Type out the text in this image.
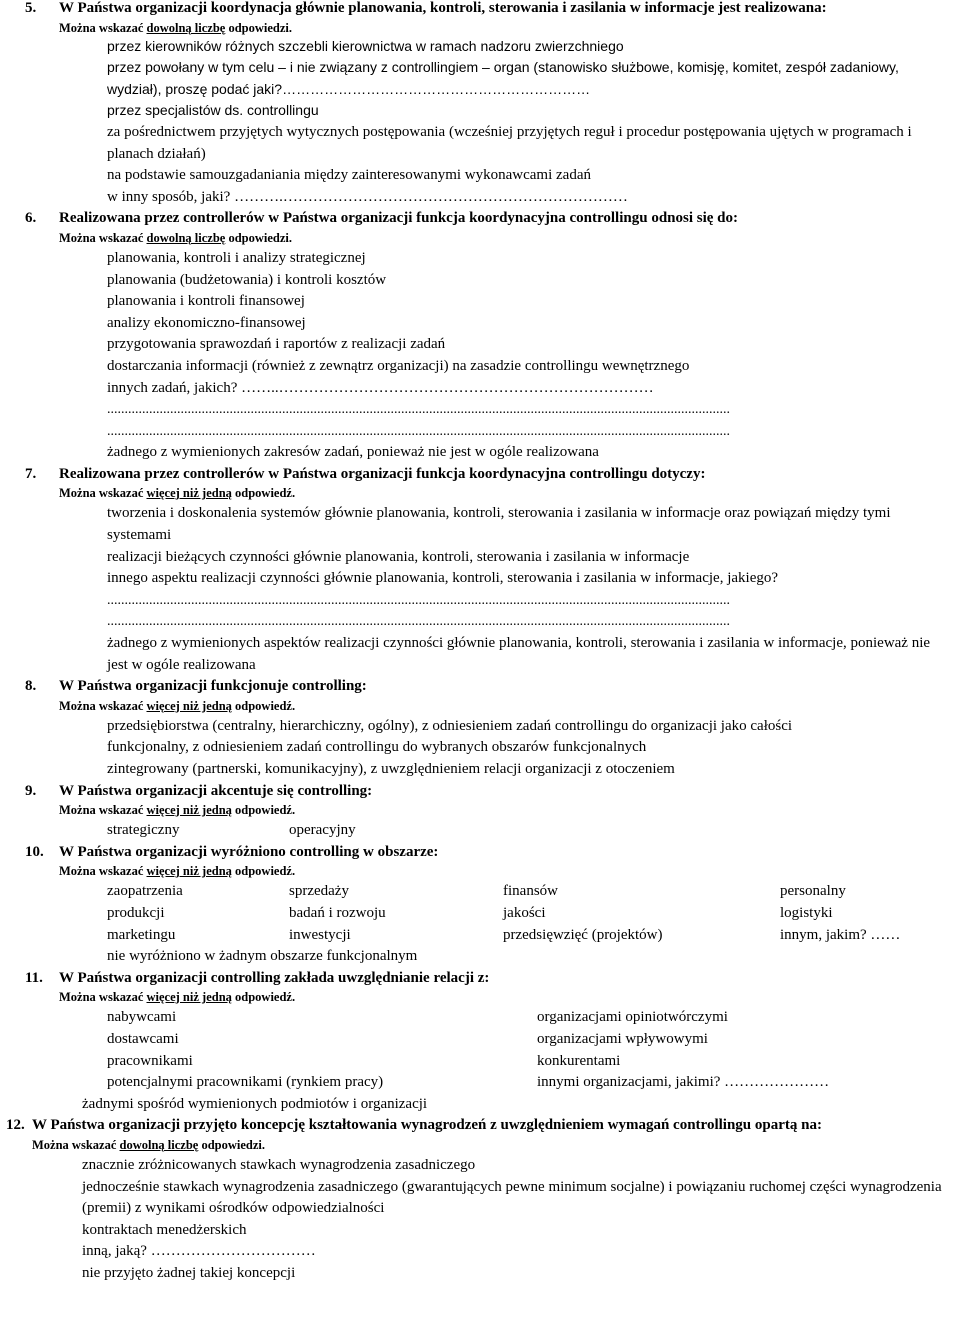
5. W Państwa organizacji koordynacja głównie planowania, kontroli, sterowania i zasilania w informacje jest realizowana:
Można wskazać dowolną liczbę odpowiedzi.
przez kierowników różnych szczebli kierownictwa w ramach nadzoru zwierzchniego
przez powołany w tym celu – i nie związany z controllingiem – organ (stanowisko służbowe, komisję, komitet, zespół zadaniowy, wydział), proszę podać jaki?…………………………………………………………
przez specjalistów ds. controllingu
za pośrednictwem przyjętych wytycznych postępowania (wcześniej przyjętych reguł i procedur postępowania ujętych w programach i planach działań)
na podstawie samouzgadaniania między zainteresowanymi wykonawcami zadań
w inny sposób, jaki? ……….……………………………………………………………
6. Realizowana przez controllerów w Państwa organizacji funkcja koordynacyjna controllingu odnosi się do:
Można wskazać dowolną liczbę odpowiedzi.
planowania, kontroli i analizy strategicznej
planowania (budżetowania) i kontroli kosztów
planowania i kontroli finansowej
analizy ekonomiczno-finansowej
przygotowania sprawozdań i raportów z realizacji zadań
dostarczania informacji (również z zewnątrz organizacji) na zasadzie controllingu wewnętrznego
innych zadań, jakich? ……..…………………………………………………………………
..................................................................................................................................................................................
..................................................................................................................................................................................
żadnego z wymienionych zakresów zadań, ponieważ nie jest w ogóle realizowana
7. Realizowana przez controllerów w Państwa organizacji funkcja koordynacyjna controllingu dotyczy:
Można wskazać więcej niż jedną odpowiedź.
tworzenia i doskonalenia systemów głównie planowania, kontroli, sterowania i zasilania w informacje oraz powiązań między tymi systemami
realizacji bieżących czynności głównie planowania, kontroli, sterowania i zasilania w informacje
innego aspektu realizacji czynności głównie planowania, kontroli, sterowania i zasilania w informacje, jakiego?
..................................................................................................................................................................................
..................................................................................................................................................................................
żadnego z wymienionych aspektów realizacji czynności głównie planowania, kontroli, sterowania i zasilania w informacje, ponieważ nie jest w ogóle realizowana
8. W Państwa organizacji funkcjonuje controlling:
Można wskazać więcej niż jedną odpowiedź.
przedsiębiorstwa (centralny, hierarchiczny, ogólny), z odniesieniem zadań controllingu do organizacji jako całości
funkcjonalny, z odniesieniem zadań controllingu do wybranych obszarów funkcjonalnych
zintegrowany (partnerski, komunikacyjny), z uwzględnieniem relacji organizacji z otoczeniem
9. W Państwa organizacji akcentuje się controlling:
Można wskazać więcej niż jedną odpowiedź.
strategiczny	operacyjny
10. W Państwa organizacji wyróżniono controlling w obszarze:
Można wskazać więcej niż jedną odpowiedź.
zaopatrzenia	sprzedaży	finansów	personalny
produkcji	badań i rozwoju	jakości	logistyki
marketingu	inwestycji	przedsięwzięć (projektów)	innym, jakim? ……
nie wyróżniono w żadnym obszarze funkcjonalnym
11. W Państwa organizacji controlling zakłada uwzględnianie relacji z:
Można wskazać więcej niż jedną odpowiedź.
nabywcami	organizacjami opiniotwórczymi
dostawcami	organizacjami wpływowymi
pracownikami	konkurentami
potencjalnymi pracownikami (rynkiem pracy)	innymi organizacjami, jakimi? …………………
żadnymi spośród wymienionych podmiotów i organizacji
12. W Państwa organizacji przyjęto koncepcję kształtowania wynagrodzeń z uwzględnieniem wymagań controllingu opartą na:
Można wskazać dowolną liczbę odpowiedzi.
znacznie zróżnicowanych stawkach wynagrodzenia zasadniczego
jednocześnie stawkach wynagrodzenia zasadniczego (gwarantujących pewne minimum socjalne) i powiązaniu ruchomej części wynagrodzenia (premii) z wynikami ośrodków odpowiedzialności
kontraktach menedżerskich
inną, jaką? ……………………………
nie przyjęto żadnej takiej koncepcji
